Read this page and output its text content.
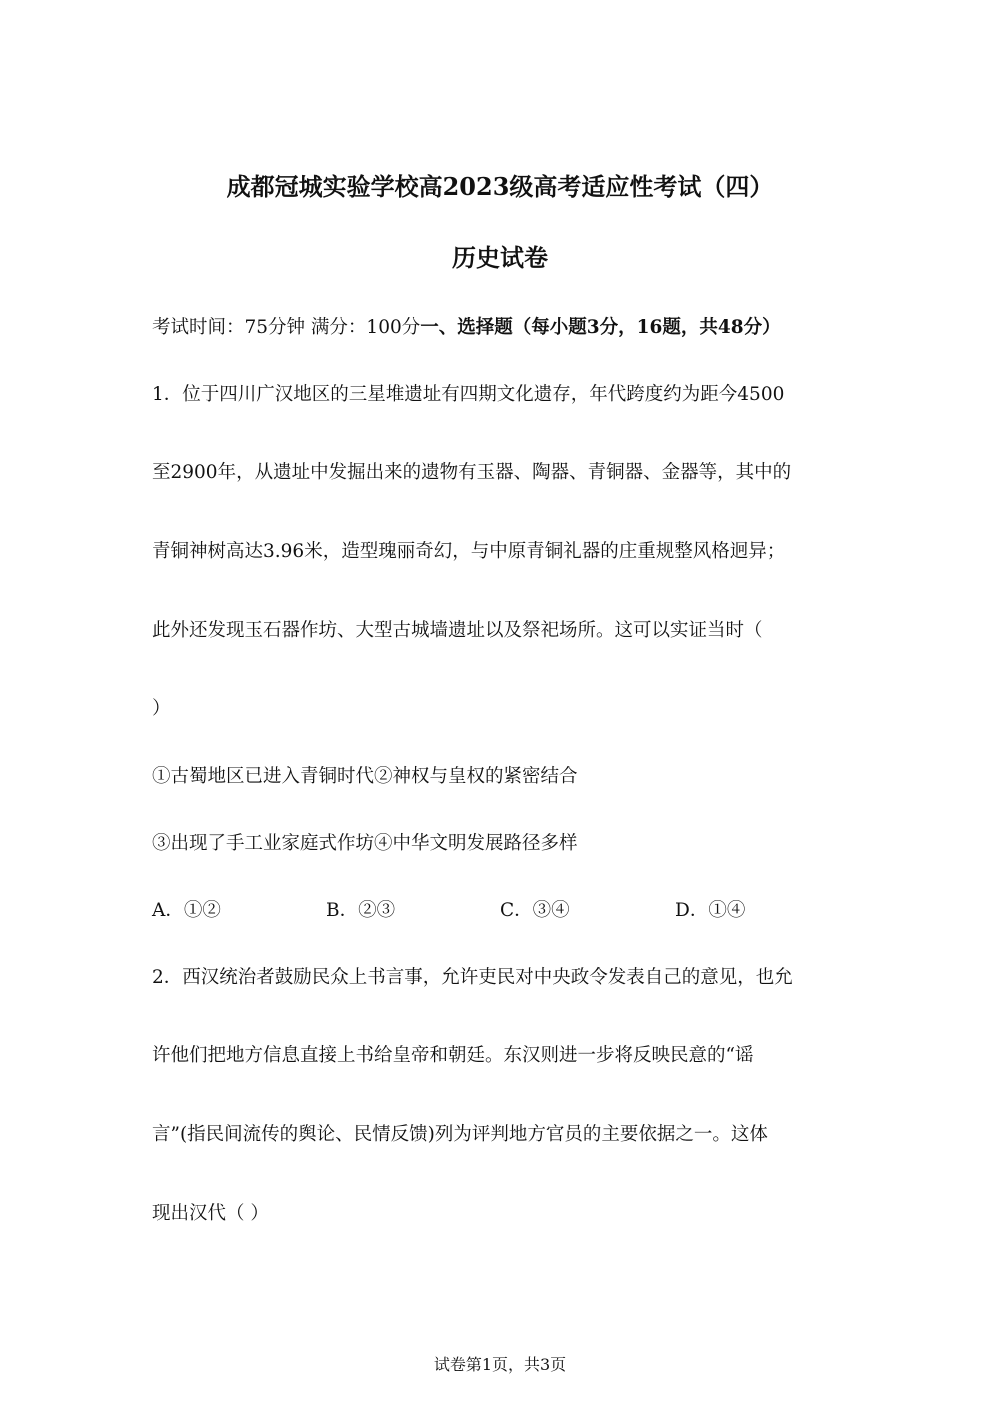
成都冠城实验学校高2023级高考适应性考试（四）
历史试卷
考试时间：75分钟 满分：100分一、选择题（每小题3分，16题，共48分）
1．位于四川广汉地区的三星堆遗址有四期文化遗存，年代跨度约为距今4500
至2900年，从遗址中发掘出来的遗物有玉器、陶器、青铜器、金器等，其中的
青铜神树高达3.96米，造型瑰丽奇幻，与中原青铜礼器的庄重规整风格迥异；
此外还发现玉石器作坊、大型古城墙遗址以及祭祀场所。这可以实证当时（
）
①古蜀地区已进入青铜时代②神权与皇权的紧密结合
③出现了手工业家庭式作坊④中华文明发展路径多样
A．①②	B．②③	C．③④	D．①④
2．西汉统治者鼓励民众上书言事，允许吏民对中央政令发表自己的意见，也允
许他们把地方信息直接上书给皇帝和朝廷。东汉则进一步将反映民意的“谣
言”(指民间流传的舆论、民情反馈)列为评判地方官员的主要依据之一。这体
现出汉代（ ）
试卷第1页，共3页
